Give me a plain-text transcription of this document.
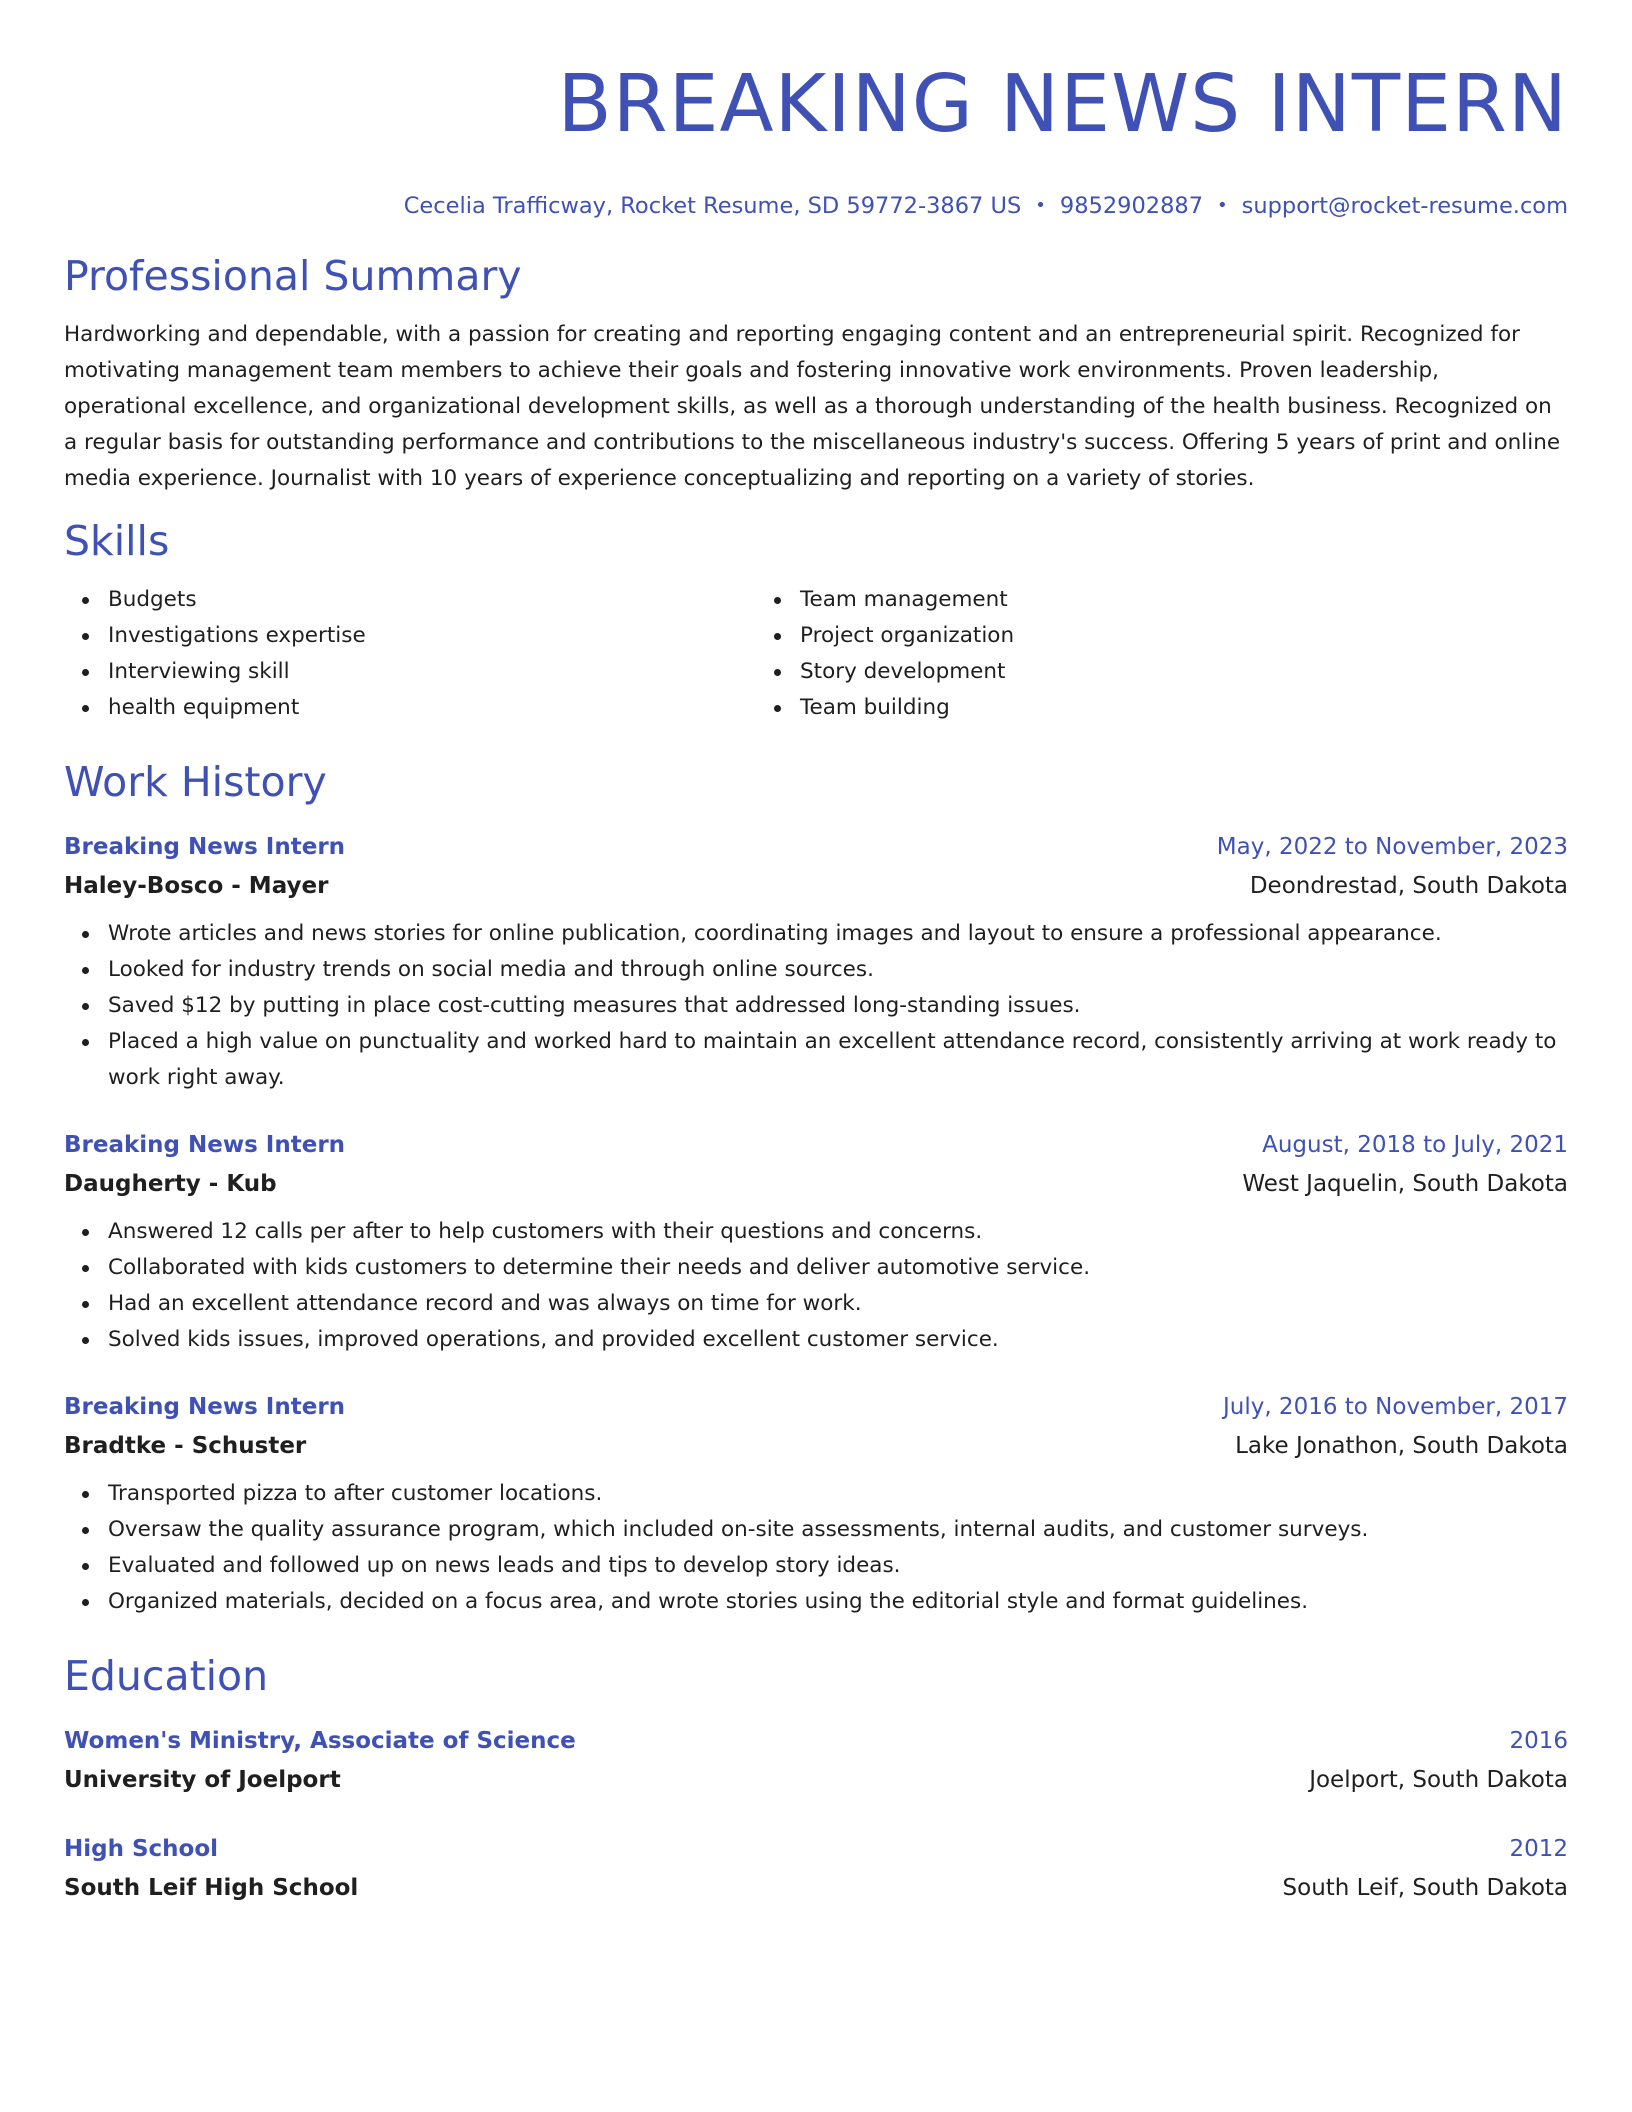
BREAKING NEWS INTERN
Cecelia Trafficway, Rocket Resume, SD 59772-3867 US • 9852902887 • support@rocket-resume.com
Professional Summary

Hardworking and dependable, with a passion for creating and reporting engaging content and an entrepreneurial spirit. Recognized for motivating management team members to achieve their goals and fostering innovative work environments. Proven leadership, operational excellence, and organizational development skills, as well as a thorough understanding of the health business. Recognized on a regular basis for outstanding performance and contributions to the miscellaneous industry's success. Offering 5 years of print and online media experience. Journalist with 10 years of experience conceptualizing and reporting on a variety of stories.

Skills
Budgets
Investigations expertise
Interviewing skill
health equipment
Team management
Project organization
Story development
Team building
Work History
Breaking News Intern	May, 2022 to November, 2023
Haley-Bosco - Mayer	Deondrestad, South Dakota
Wrote articles and news stories for online publication, coordinating images and layout to ensure a professional appearance.
Looked for industry trends on social media and through online sources.
Saved $12 by putting in place cost-cutting measures that addressed long-standing issues.
Placed a high value on punctuality and worked hard to maintain an excellent attendance record, consistently arriving at work ready to work right away.
Breaking News Intern	August, 2018 to July, 2021
Daugherty - Kub	West Jaquelin, South Dakota
Answered 12 calls per after to help customers with their questions and concerns.
Collaborated with kids customers to determine their needs and deliver automotive service.
Had an excellent attendance record and was always on time for work.
Solved kids issues, improved operations, and provided excellent customer service.
Breaking News Intern	July, 2016 to November, 2017
Bradtke - Schuster	Lake Jonathon, South Dakota
Transported pizza to after customer locations.
Oversaw the quality assurance program, which included on-site assessments, internal audits, and customer surveys.
Evaluated and followed up on news leads and tips to develop story ideas.
Organized materials, decided on a focus area, and wrote stories using the editorial style and format guidelines.
Education
Women's Ministry, Associate of Science	2016
University of Joelport	Joelport, South Dakota
High School	2012
South Leif High School	South Leif, South Dakota
